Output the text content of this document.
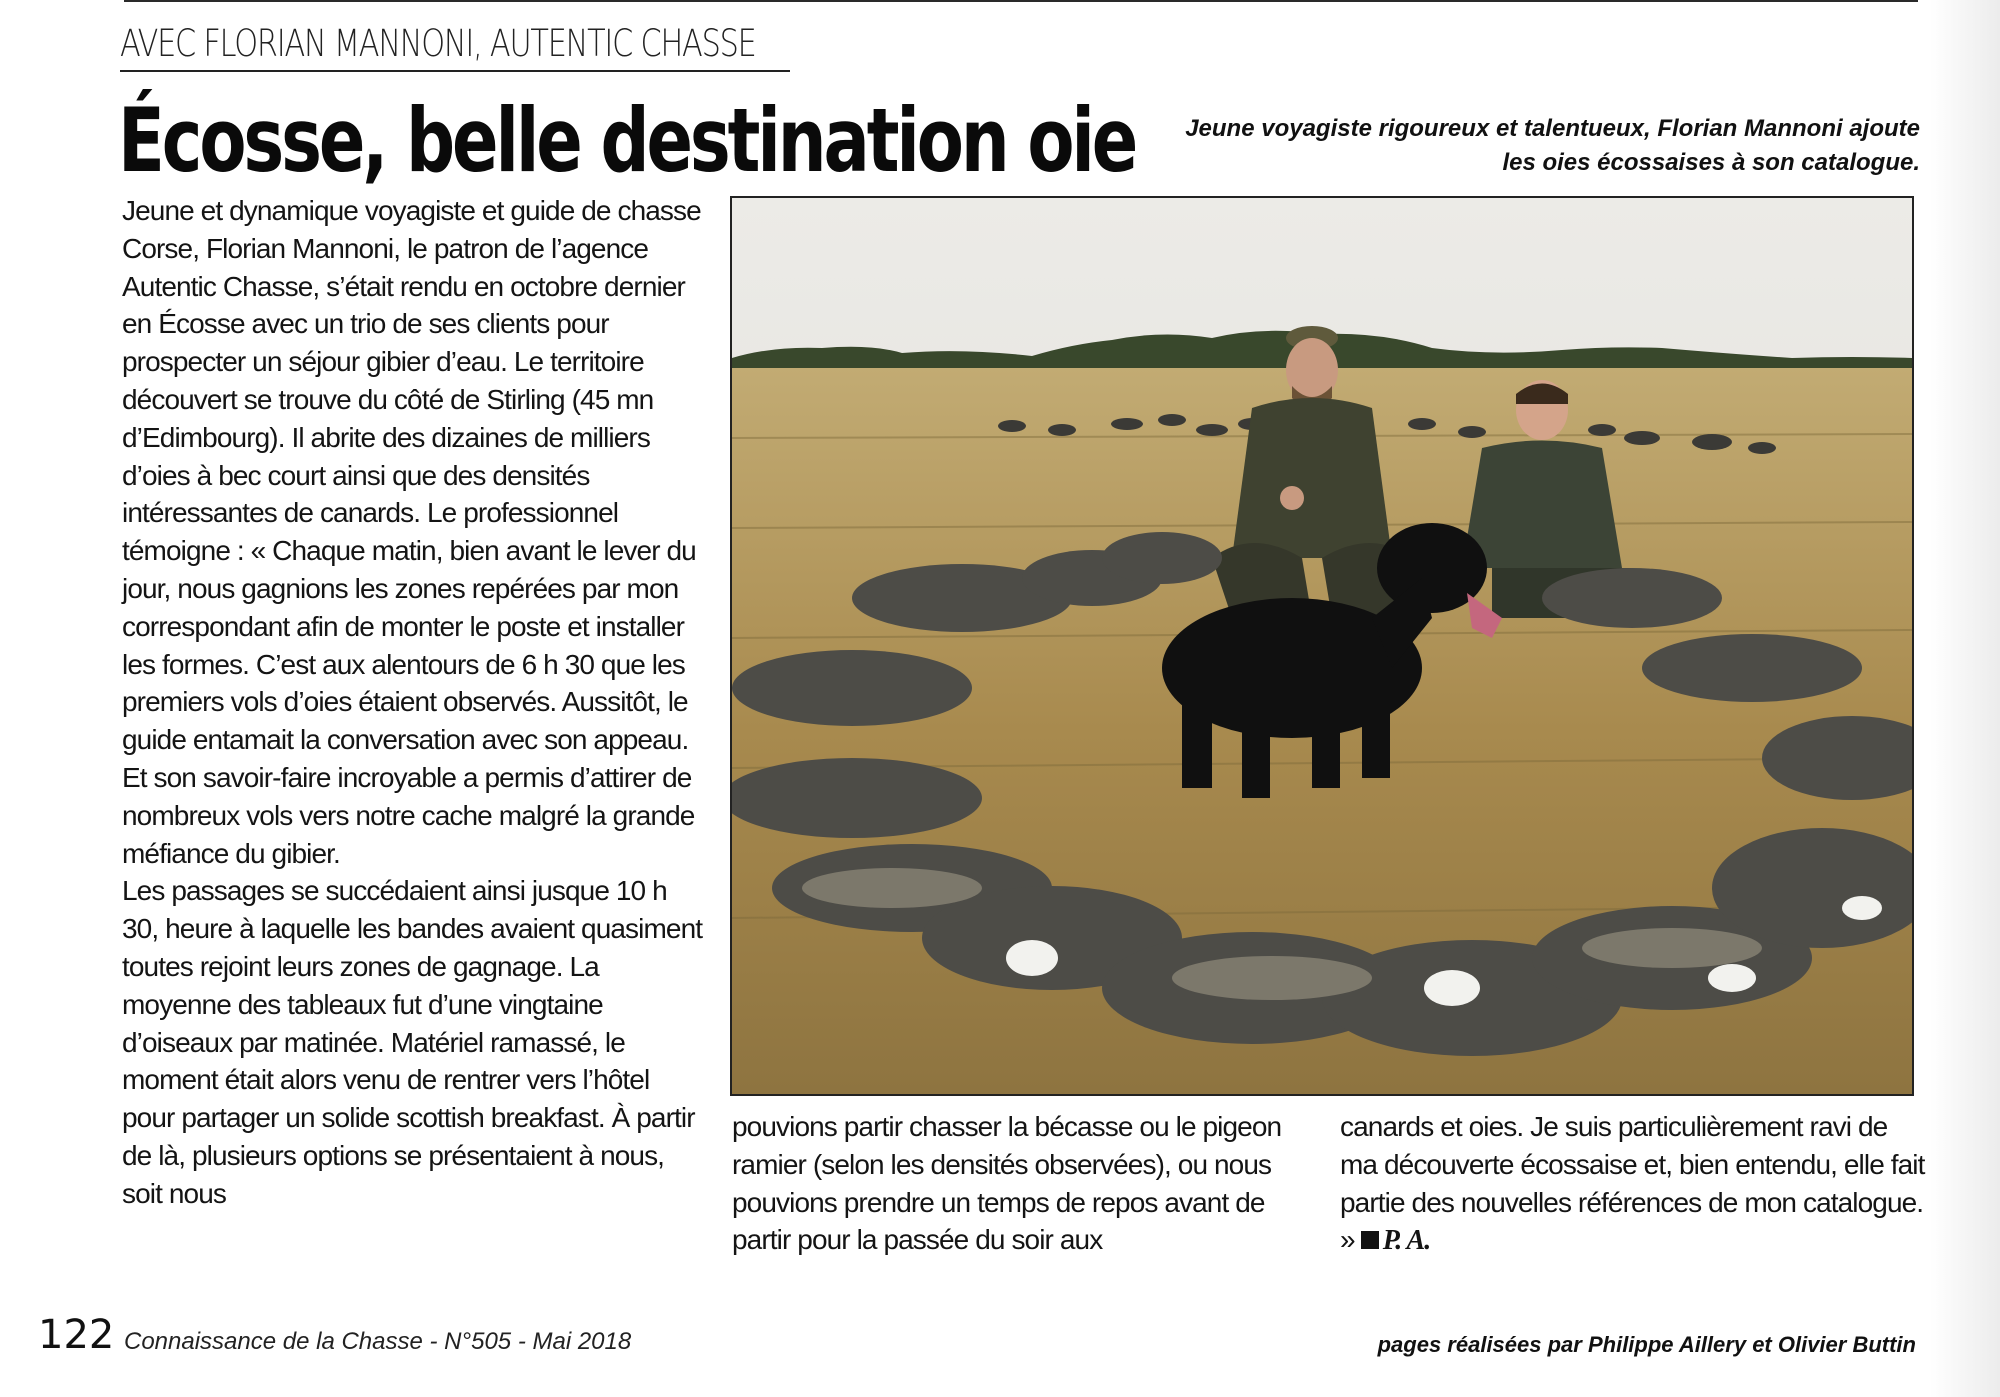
AVEC FLORIAN MANNONI, AUTENTIC CHASSE
Écosse, belle destination oie Jeune voyagiste rigoureux et talentueux, Florian Mannoni ajoute les oies écossaises à son catalogue.

Jeune et dynamique voyagiste et guide de chasse Corse, Florian Mannoni, le patron de l’agence Autentic Chasse, s’était rendu en octobre dernier en Écosse avec un trio de ses clients pour prospecter un séjour gibier d’eau. Le territoire découvert se trouve du côté de Stirling (45 mn d’Edimbourg). Il abrite des dizaines de milliers d’oies à bec court ainsi que des densités intéressantes de canards. Le professionnel témoigne : « Chaque matin, bien avant le lever du jour, nous gagnions les zones repérées par mon correspondant afin de monter le poste et installer les formes. C’est aux alentours de 6 h 30 que les premiers vols d’oies étaient observés. Aussitôt, le guide entamait la conversation avec son appeau. Et son savoir-faire incroyable a permis d’attirer de nombreux vols vers notre cache malgré la grande méfiance du gibier.

Les passages se succédaient ainsi jusque 10 h 30, heure à laquelle les bandes avaient quasiment toutes rejoint leurs zones de gagnage. La moyenne des tableaux fut d’une vingtaine d’oiseaux par matinée. Matériel ramassé, le moment était alors venu de rentrer vers l’hôtel pour partager un solide scottish breakfast. À partir de là, plusieurs options se présentaient à nous, soit nous

pouvions partir chasser la bécasse ou le pigeon ramier (selon les densités observées), ou nous pouvions prendre un temps de repos avant de partir pour la passée du soir aux

canards et oies. Je suis particulièrement ravi de ma découverte écossaise et, bien entendu, elle fait partie des nouvelles références de mon catalogue. » P. A.

122 Connaissance de la Chasse - N°505 - Mai 2018	pages réalisées par Philippe Aillery et Olivier Buttin
